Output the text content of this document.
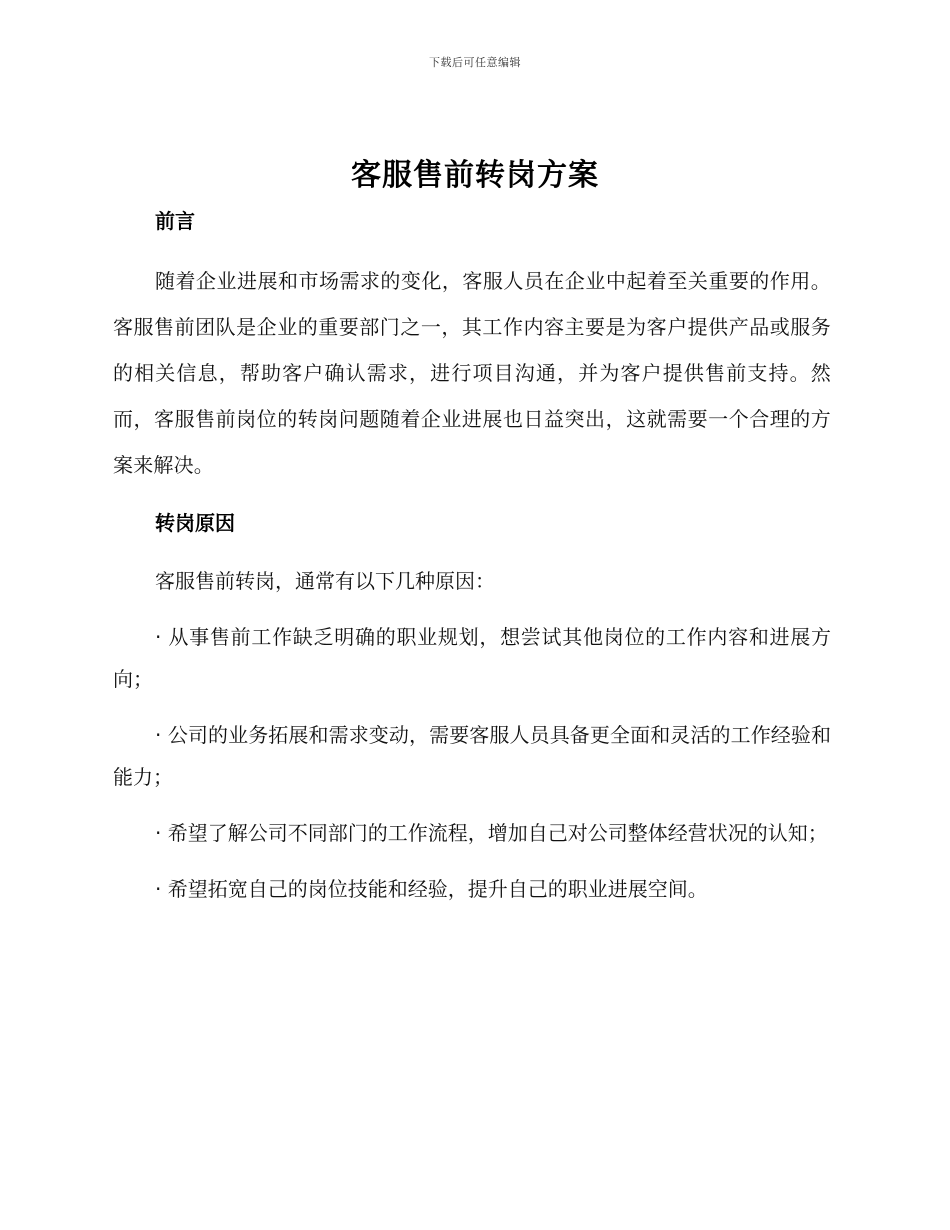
下载后可任意编辑
客服售前转岗方案
前言

随着企业进展和市场需求的变化，客服人员在企业中起着至关重要的作用。客服售前团队是企业的重要部门之一，其工作内容主要是为客户提供产品或服务的相关信息，帮助客户确认需求，进行项目沟通，并为客户提供售前支持。然而，客服售前岗位的转岗问题随着企业进展也日益突出，这就需要一个合理的方案来解决。

转岗原因

客服售前转岗，通常有以下几种原因：

· 从事售前工作缺乏明确的职业规划，想尝试其他岗位的工作内容和进展方向；

· 公司的业务拓展和需求变动，需要客服人员具备更全面和灵活的工作经验和能力；

· 希望了解公司不同部门的工作流程，增加自己对公司整体经营状况的认知；

· 希望拓宽自己的岗位技能和经验，提升自己的职业进展空间。
